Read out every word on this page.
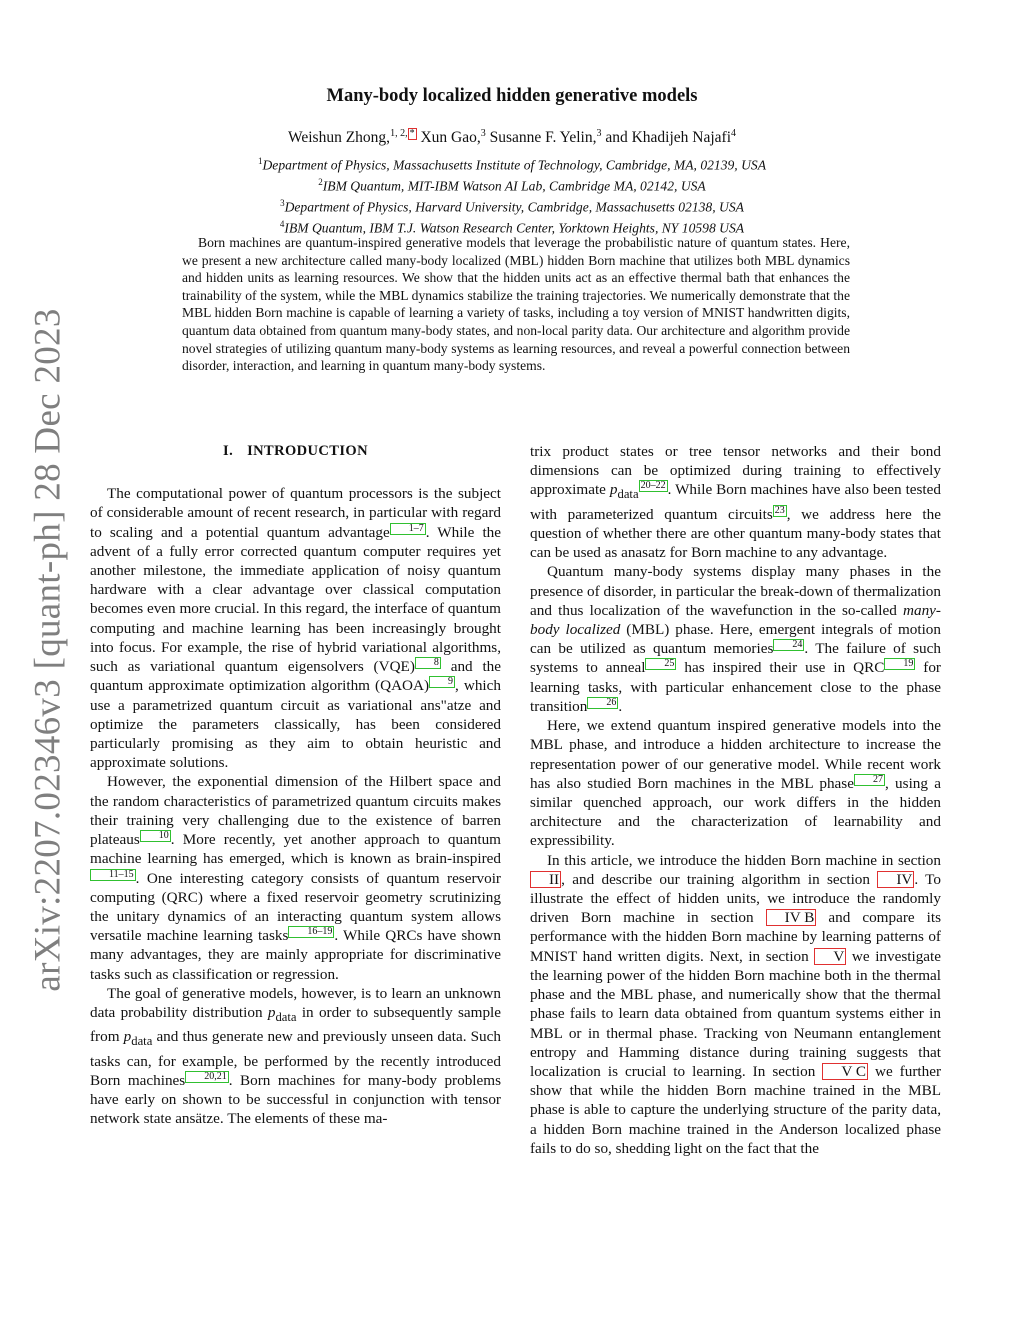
arXiv:2207.02346v3 [quant-ph] 28 Dec 2023
Many-body localized hidden generative models
Weishun Zhong,$^{1, 2,}$ * Xun Gao,$^3$ Susanne F. Yelin,$^3$ and Khadijeh Najafi$^4$
$^1$Department of Physics, Massachusetts Institute of Technology, Cambridge, MA, 02139, USA
$^2$IBM Quantum, MIT-IBM Watson AI Lab, Cambridge MA, 02142, USA
$^3$Department of Physics, Harvard University, Cambridge, Massachusetts 02138, USA
$^4$IBM Quantum, IBM T.J. Watson Research Center, Yorktown Heights, NY 10598 USA
Born machines are quantum-inspired generative models that leverage the probabilistic nature of quantum states. Here, we present a new architecture called many-body localized (MBL) hidden Born machine that utilizes both MBL dynamics and hidden units as learning resources. We show that the hidden units act as an effective thermal bath that enhances the trainability of the system, while the MBL dynamics stabilize the training trajectories. We numerically demonstrate that the MBL hidden Born machine is capable of learning a variety of tasks, including a toy version of MNIST handwritten digits, quantum data obtained from quantum many-body states, and non-local parity data. Our architecture and algorithm provide novel strategies of utilizing quantum many-body systems as learning resources, and reveal a powerful connection between disorder, interaction, and learning in quantum many-body systems.
I. INTRODUCTION

The computational power of quantum processors is the subject of considerable amount of recent research, in particular with regard to scaling and a potential quantum advantage 1–7 . While the advent of a fully error corrected quantum computer requires yet another milestone, the immediate application of noisy quantum hardware with a clear advantage over classical computation becomes even more crucial. In this regard, the interface of quantum computing and machine learning has been increasingly brought into focus. For example, the rise of hybrid variational algorithms, such as variational quantum eigensolvers (VQE) 8 and the quantum approximate optimization algorithm (QAOA) 9 , which use a parametrized quantum circuit as variational ans"atze and optimize the parameters classically, has been considered particularly promising as they aim to obtain heuristic and approximate solutions.

However, the exponential dimension of the Hilbert space and the random characteristics of parametrized quantum circuits makes their training very challenging due to the existence of barren plateaus 10 . More recently, yet another approach to quantum machine learning has emerged, which is known as brain-inspired11–15 . One interesting category consists of quantum reservoir computing (QRC) where a fixed reservoir geometry scrutinizing the unitary dynamics of an interacting quantum system allows versatile machine learning tasks 16–19 . While QRCs have shown many advantages, they are mainly appropriate for discriminative tasks such as classification or regression.

The goal of generative models, however, is to learn an unknown data probability distribution $p_{data}$ in order to subsequently sample from $p_{data}$ and thus generate new and previously unseen data. Such tasks can, for example, be performed by the recently introduced Born machines 20,21 . Born machines for many-body problems have early on shown to be successful in conjunction with tensor network state ansätze. The elements of these ma-

trix product states or tree tensor networks and their bond dimensions can be optimized during training to effectively approximate $p_{data}20-22$ . While Born machines have also been tested with parameterized quantum circuits 23 , we address here the question of whether there are other quantum many-body states that can be used as anasatz for Born machine to any advantage.

Quantum many-body systems display many phases in the presence of disorder, in particular the break-down of thermalization and thus localization of the wavefunction in the so-called many-body localized (MBL) phase. Here, emergent integrals of motion can be utilized as quantum memories 24 . The failure of such systems to anneal 25 has inspired their use in QRC 19 for learning tasks, with particular enhancement close to the phase transition 26 .

Here, we extend quantum inspired generative models into the MBL phase, and introduce a hidden architecture to increase the representation power of our generative model. While recent work has also studied Born machines in the MBL phase 27 , using a similar quenched approach, our work differs in the hidden architecture and the characterization of learnability and expressibility.

In this article, we introduce the hidden Born machine in section II , and describe our training algorithm in section IV . To illustrate the effect of hidden units, we introduce the randomly driven Born machine in section IV B and compare its performance with the hidden Born machine by learning patterns of MNIST hand written digits. Next, in section V we investigate the learning power of the hidden Born machine both in the thermal phase and the MBL phase, and numerically show that the thermal phase fails to learn data obtained from quantum systems either in MBL or in thermal phase. Tracking von Neumann entanglement entropy and Hamming distance during training suggests that localization is crucial to learning. In section V C we further show that while the hidden Born machine trained in the MBL phase is able to capture the underlying structure of the parity data, a hidden Born machine trained in the Anderson localized phase fails to do so, shedding light on the fact that the
